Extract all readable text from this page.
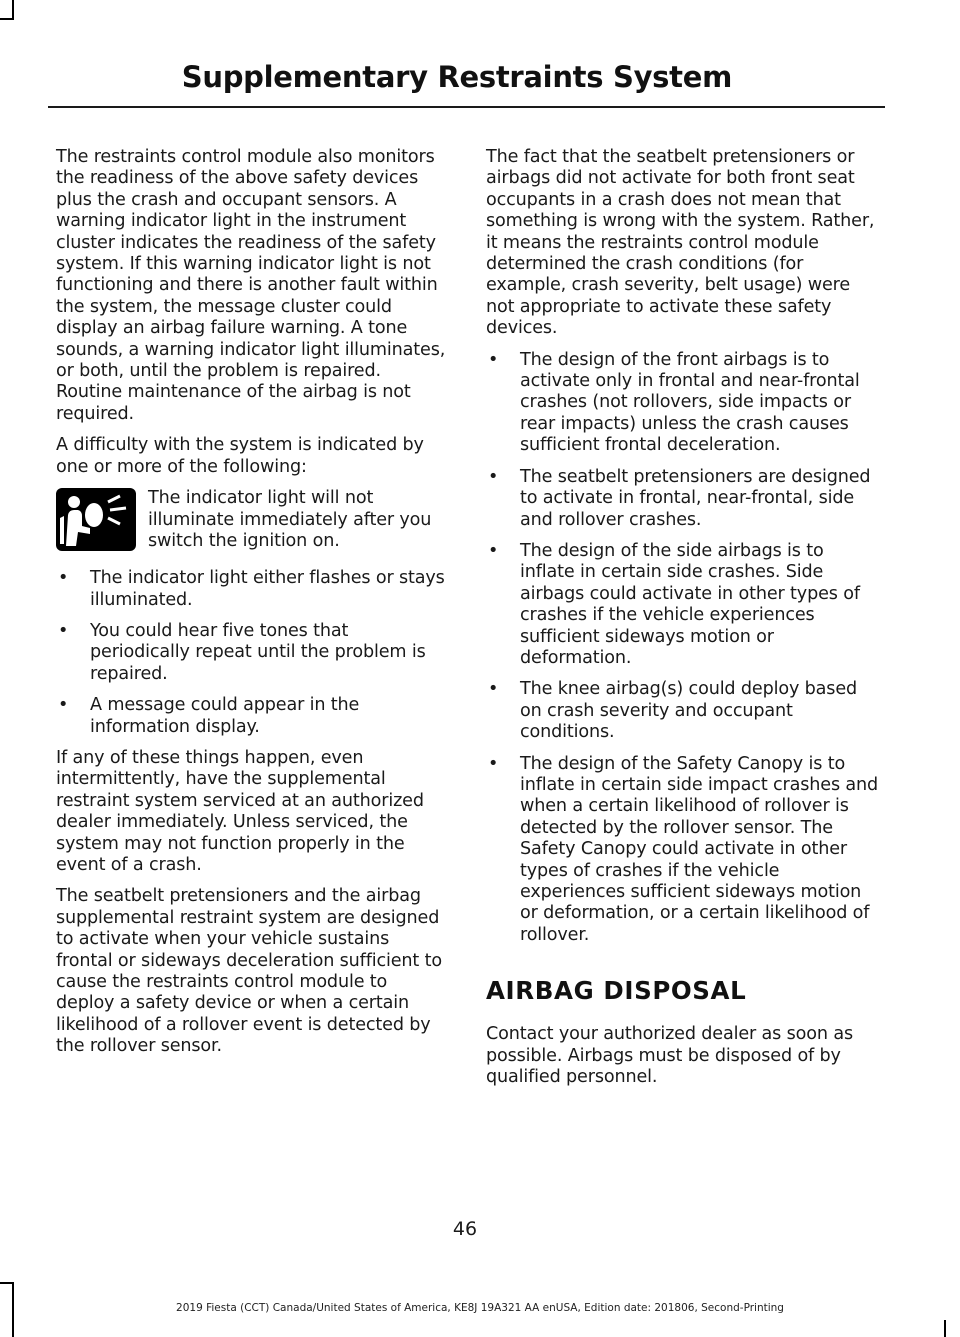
Supplementary Restraints System

The restraints control module also monitors the readiness of the above safety devices plus the crash and occupant sensors. A warning indicator light in the instrument cluster indicates the readiness of the safety system. If this warning indicator light is not functioning and there is another fault within the system, the message cluster could display an airbag failure warning. A tone sounds, a warning indicator light illuminates, or both, until the problem is repaired. Routine maintenance of the airbag is not required.

A difficulty with the system is indicated by one or more of the following:

The indicator light will not illuminate immediately after you switch the ignition on.
• The indicator light either flashes or stays illuminated.
• You could hear five tones that periodically repeat until the problem is repaired.
• A message could appear in the information display.

If any of these things happen, even intermittently, have the supplemental restraint system serviced at an authorized dealer immediately. Unless serviced, the system may not function properly in the event of a crash.

The seatbelt pretensioners and the airbag supplemental restraint system are designed to activate when your vehicle sustains frontal or sideways deceleration sufficient to cause the restraints control module to deploy a safety device or when a certain likelihood of a rollover event is detected by the rollover sensor.

The fact that the seatbelt pretensioners or airbags did not activate for both front seat occupants in a crash does not mean that something is wrong with the system. Rather, it means the restraints control module determined the crash conditions (for example, crash severity, belt usage) were not appropriate to activate these safety devices.

• The design of the front airbags is to activate only in frontal and near-frontal crashes (not rollovers, side impacts or rear impacts) unless the crash causes sufficient frontal deceleration.
• The seatbelt pretensioners are designed to activate in frontal, near-frontal, side and rollover crashes.
• The design of the side airbags is to inflate in certain side crashes. Side airbags could activate in other types of crashes if the vehicle experiences sufficient sideways motion or deformation.
• The knee airbag(s) could deploy based on crash severity and occupant conditions.
• The design of the Safety Canopy is to inflate in certain side impact crashes and when a certain likelihood of rollover is detected by the rollover sensor. The Safety Canopy could activate in other types of crashes if the vehicle experiences sufficient sideways motion or deformation, or a certain likelihood of rollover.
AIRBAG DISPOSAL

Contact your authorized dealer as soon as possible. Airbags must be disposed of by qualified personnel.

46
2019 Fiesta (CCT) Canada/United States of America, KE8J 19A321 AA enUSA, Edition date: 201806, Second-Printing
